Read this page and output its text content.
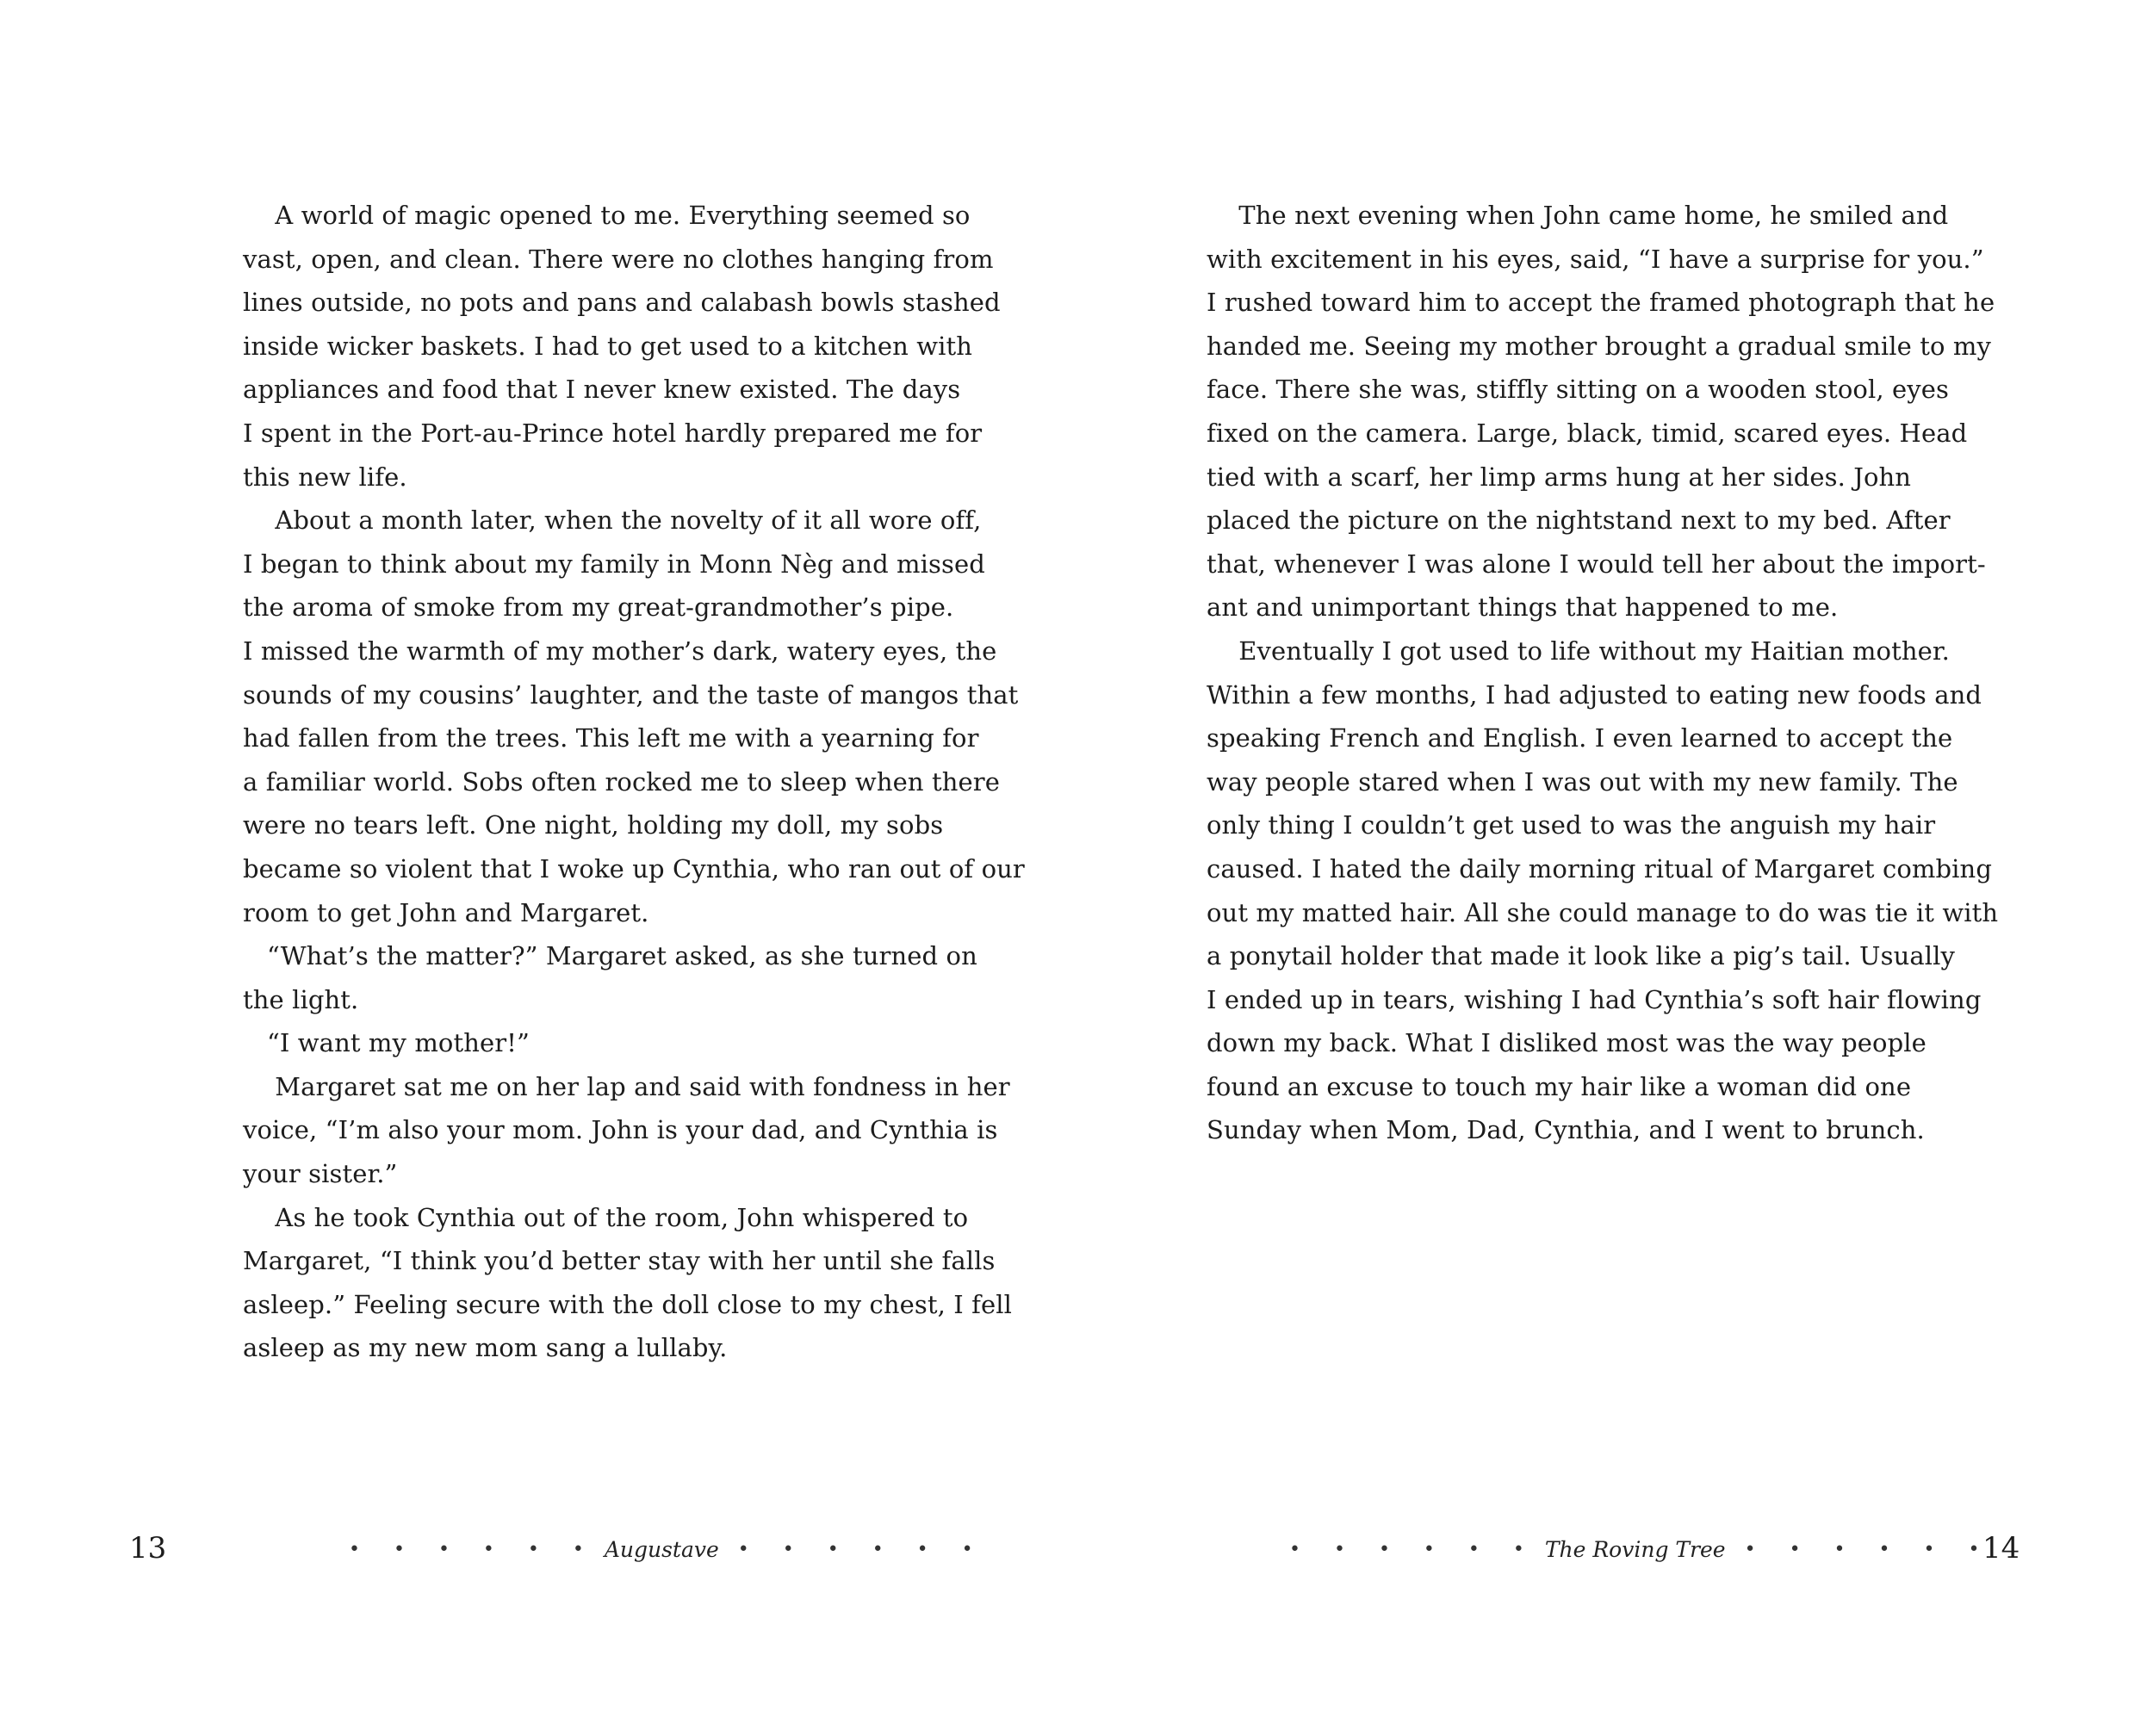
A world of magic opened to me. Everything seemed so
vast, open, and clean. There were no clothes hanging from
lines outside, no pots and pans and calabash bowls stashed
inside wicker baskets. I had to get used to a kitchen with
appliances and food that I never knew existed. The days
I spent in the Port-au-Prince hotel hardly prepared me for
this new life.
About a month later, when the novelty of it all wore off,
I began to think about my family in Monn Nèg and missed
the aroma of smoke from my great-grandmother’s pipe.
I missed the warmth of my mother’s dark, watery eyes, the
sounds of my cousins’ laughter, and the taste of mangos that
had fallen from the trees. This left me with a yearning for
a familiar world. Sobs often rocked me to sleep when there
were no tears left. One night, holding my doll, my sobs
became so violent that I woke up Cynthia, who ran out of our
room to get John and Margaret.
“What’s the matter?” Margaret asked, as she turned on
the light.
“I want my mother!”
Margaret sat me on her lap and said with fondness in her
voice, “I’m also your mom. John is your dad, and Cynthia is
your sister.”
As he took Cynthia out of the room, John whispered to
Margaret, “I think you’d better stay with her until she falls
asleep.” Feeling secure with the doll close to my chest, I fell
asleep as my new mom sang a lullaby.
13	• • • • • • Augustave • • • • • •
The next evening when John came home, he smiled and
with excitement in his eyes, said, “I have a surprise for you.”
I rushed toward him to accept the framed photograph that he
handed me. Seeing my mother brought a gradual smile to my
face. There she was, stiffly sitting on a wooden stool, eyes
fixed on the camera. Large, black, timid, scared eyes. Head
tied with a scarf, her limp arms hung at her sides. John
placed the picture on the nightstand next to my bed. After
that, whenever I was alone I would tell her about the import-
ant and unimportant things that happened to me.
Eventually I got used to life without my Haitian mother.
Within a few months, I had adjusted to eating new foods and
speaking French and English. I even learned to accept the
way people stared when I was out with my new family. The
only thing I couldn’t get used to was the anguish my hair
caused. I hated the daily morning ritual of Margaret combing
out my matted hair. All she could manage to do was tie it with
a ponytail holder that made it look like a pig’s tail. Usually
I ended up in tears, wishing I had Cynthia’s soft hair flowing
down my back. What I disliked most was the way people
found an excuse to touch my hair like a woman did one
Sunday when Mom, Dad, Cynthia, and I went to brunch.
• • • • • • The Roving Tree • • • • • •
14
